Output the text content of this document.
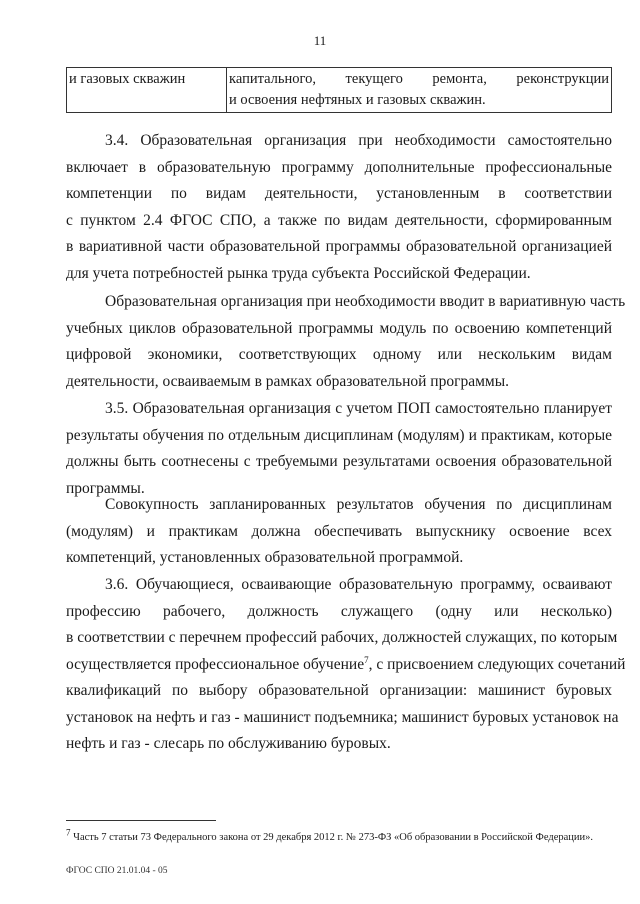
11
и газовых скважин	капитального, текущего ремонта, реконструкции
и освоения нефтяных и газовых скважин.
3.4. Образовательная организация при необходимости самостоятельно
включает в образовательную программу дополнительные профессиональные
компетенции по видам деятельности, установленным в соответствии
с пунктом 2.4 ФГОС СПО, а также по видам деятельности, сформированным
в вариативной части образовательной программы образовательной организацией
для учета потребностей рынка труда субъекта Российской Федерации.
Образовательная организация при необходимости вводит в вариативную часть
учебных циклов образовательной программы модуль по освоению компетенций
цифровой экономики, соответствующих одному или нескольким видам
деятельности, осваиваемым в рамках образовательной программы.
3.5. Образовательная организация с учетом ПОП самостоятельно планирует
результаты обучения по отдельным дисциплинам (модулям) и практикам, которые
должны быть соотнесены с требуемыми результатами освоения образовательной
программы.
Совокупность запланированных результатов обучения по дисциплинам
(модулям) и практикам должна обеспечивать выпускнику освоение всех
компетенций, установленных образовательной программой.
3.6. Обучающиеся, осваивающие образовательную программу, осваивают
профессию рабочего, должность служащего (одну или несколько)
в соответствии с перечнем профессий рабочих, должностей служащих, по которым
осуществляется профессиональное обучение$^7$, с присвоением следующих сочетаний
квалификаций по выбору образовательной организации: машинист буровых
установок на нефть и газ - машинист подъемника; машинист буровых установок на
нефть и газ - слесарь по обслуживанию буровых.
$^7$ Часть 7 статьи 73 Федерального закона от 29 декабря 2012 г. № 273-ФЗ «Об образовании в Российской Федерации».
ФГОС СПО 21.01.04 - 05
